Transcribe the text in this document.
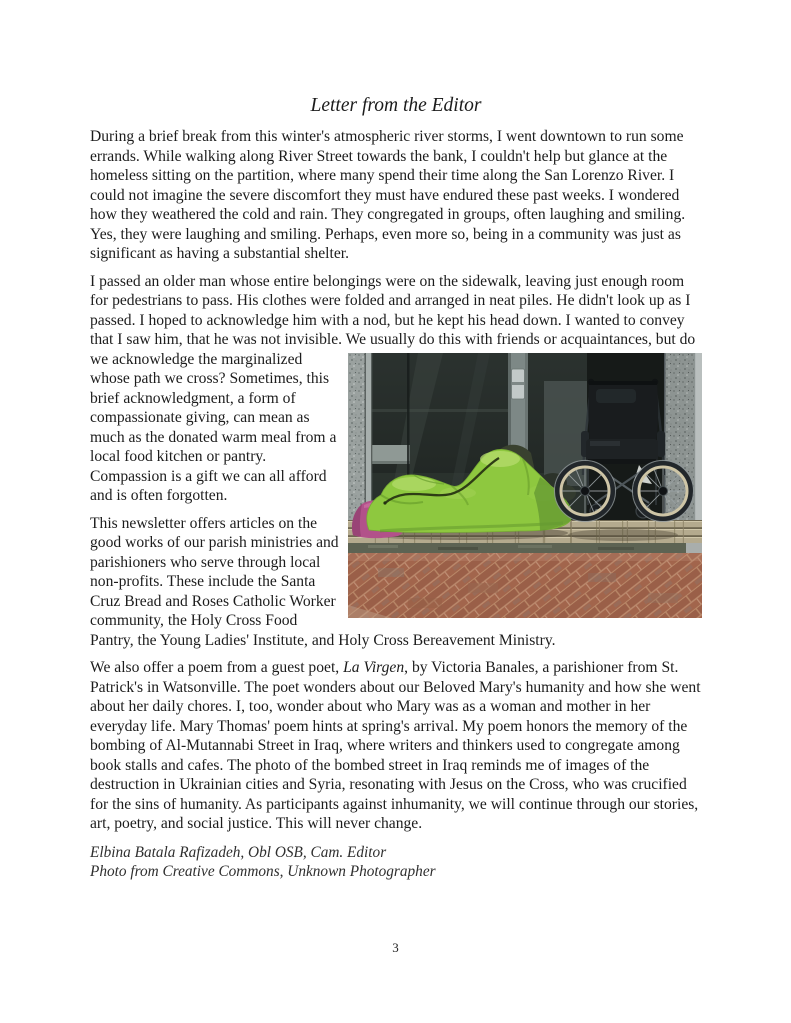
Letter from the Editor

During a brief break from this winter's atmospheric river storms, I went downtown to run some errands. While walking along River Street towards the bank, I couldn't help but glance at the homeless sitting on the partition, where many spend their time along the San Lorenzo River. I could not imagine the severe discomfort they must have endured these past weeks. I wondered how they weathered the cold and rain. They congregated in groups, often laughing and smiling. Yes, they were laughing and smiling. Perhaps, even more so, being in a community was just as significant as having a substantial shelter.

I passed an older man whose entire belongings were on the sidewalk, leaving just enough room for pedestrians to pass. His clothes were folded and arranged in neat piles. He didn't look up as I passed. I hoped to acknowledge him with a nod, but he kept his head down. I wanted to convey that I saw him, that he was not invisible. We usually do this with friends or acquaintances, but do
we acknowledge the marginalized whose path we cross? Sometimes, this brief acknowledgment, a form of compassionate giving, can mean as much as the donated warm meal from a local food kitchen or pantry. Compassion is a gift we can all afford and is often forgotten.

This newsletter offers articles on the good works of our parish ministries and parishioners who serve through local non-profits. These include the Santa Cruz Bread and Roses Catholic Worker community, the Holy Cross Food Pantry, the Young Ladies' Institute, and Holy Cross Bereavement Ministry.

We also offer a poem from a guest poet, La Virgen, by Victoria Banales, a parishioner from St. Patrick's in Watsonville. The poet wonders about our Beloved Mary's humanity and how she went about her daily chores. I, too, wonder about who Mary was as a woman and mother in her everyday life. Mary Thomas' poem hints at spring's arrival. My poem honors the memory of the bombing of Al-Mutannabi Street in Iraq, where writers and thinkers used to congregate among book stalls and cafes. The photo of the bombed street in Iraq reminds me of images of the destruction in Ukrainian cities and Syria, resonating with Jesus on the Cross, who was crucified for the sins of humanity. As participants against inhumanity, we will continue through our stories, art, poetry, and social justice. This will never change.

Elbina Batala Rafizadeh, Obl OSB, Cam. Editor
Photo from Creative Commons, Unknown Photographer

3
